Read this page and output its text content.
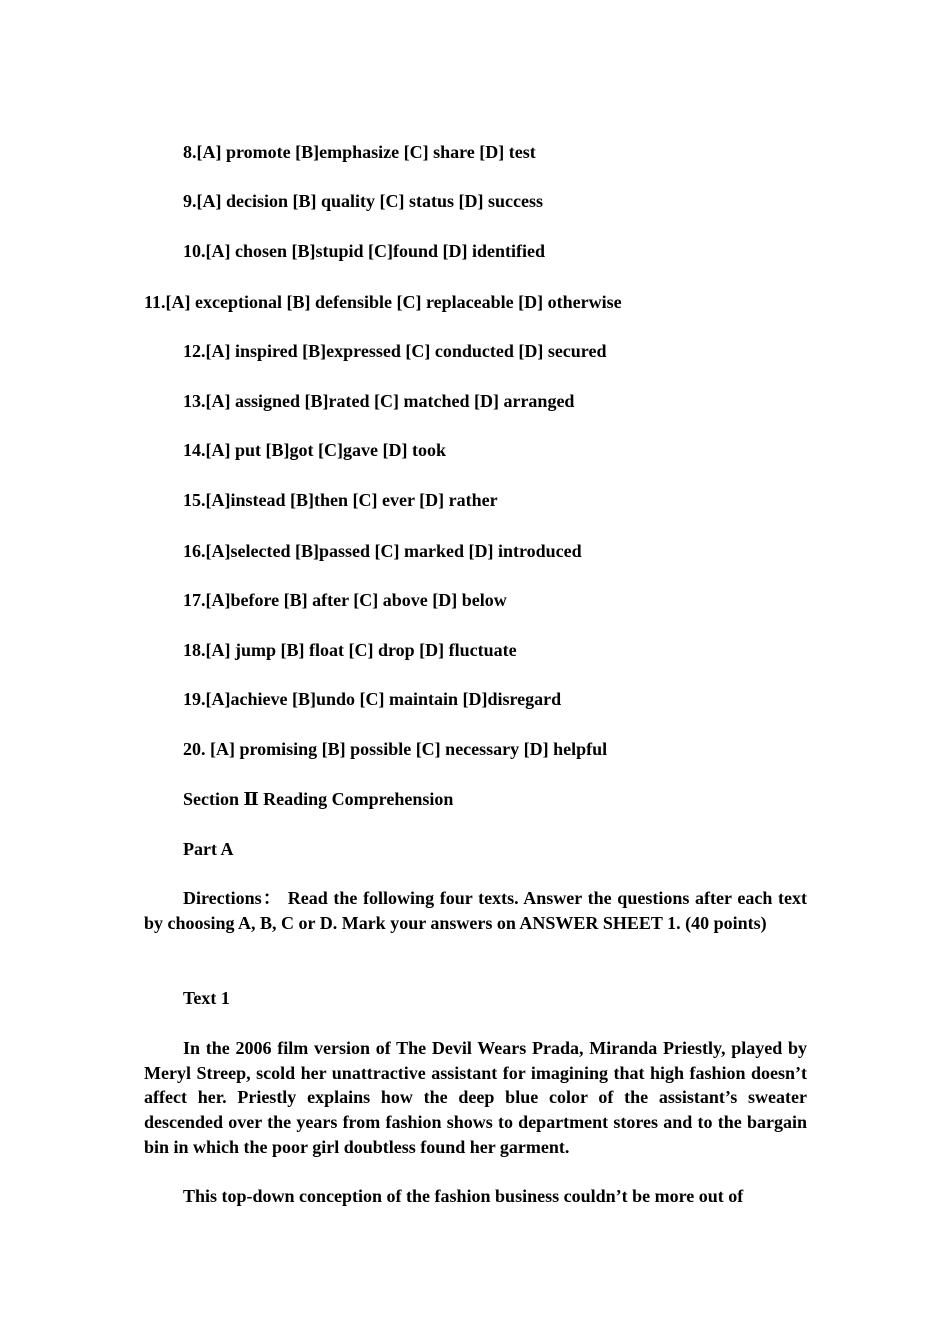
8.[A] promote [B]emphasize [C] share [D] test
9.[A] decision [B] quality [C] status [D] success
10.[A] chosen [B]stupid [C]found [D] identified
11.[A] exceptional [B] defensible [C] replaceable [D] otherwise
12.[A] inspired [B]expressed [C] conducted [D] secured
13.[A] assigned [B]rated [C] matched [D] arranged
14.[A] put [B]got [C]gave [D] took
15.[A]instead [B]then [C] ever [D] rather
16.[A]selected [B]passed [C] marked [D] introduced
17.[A]before [B] after [C] above [D] below
18.[A] jump [B] float [C] drop [D] fluctuate
19.[A]achieve [B]undo [C] maintain [D]disregard
20. [A] promising [B] possible [C] necessary [D] helpful
Section Ⅱ Reading Comprehension
Part A
Directions： Read the following four texts. Answer the questions after each text by choosing A, B, C or D. Mark your answers on ANSWER SHEET 1. (40 points)
Text 1
In the 2006 film version of The Devil Wears Prada, Miranda Priestly, played by Meryl Streep, scold her unattractive assistant for imagining that high fashion doesn’t affect her. Priestly explains how the deep blue color of the assistant’s sweater descended over the years from fashion shows to department stores and to the bargain bin in which the poor girl doubtless found her garment.
This top-down conception of the fashion business couldn’t be more out of
